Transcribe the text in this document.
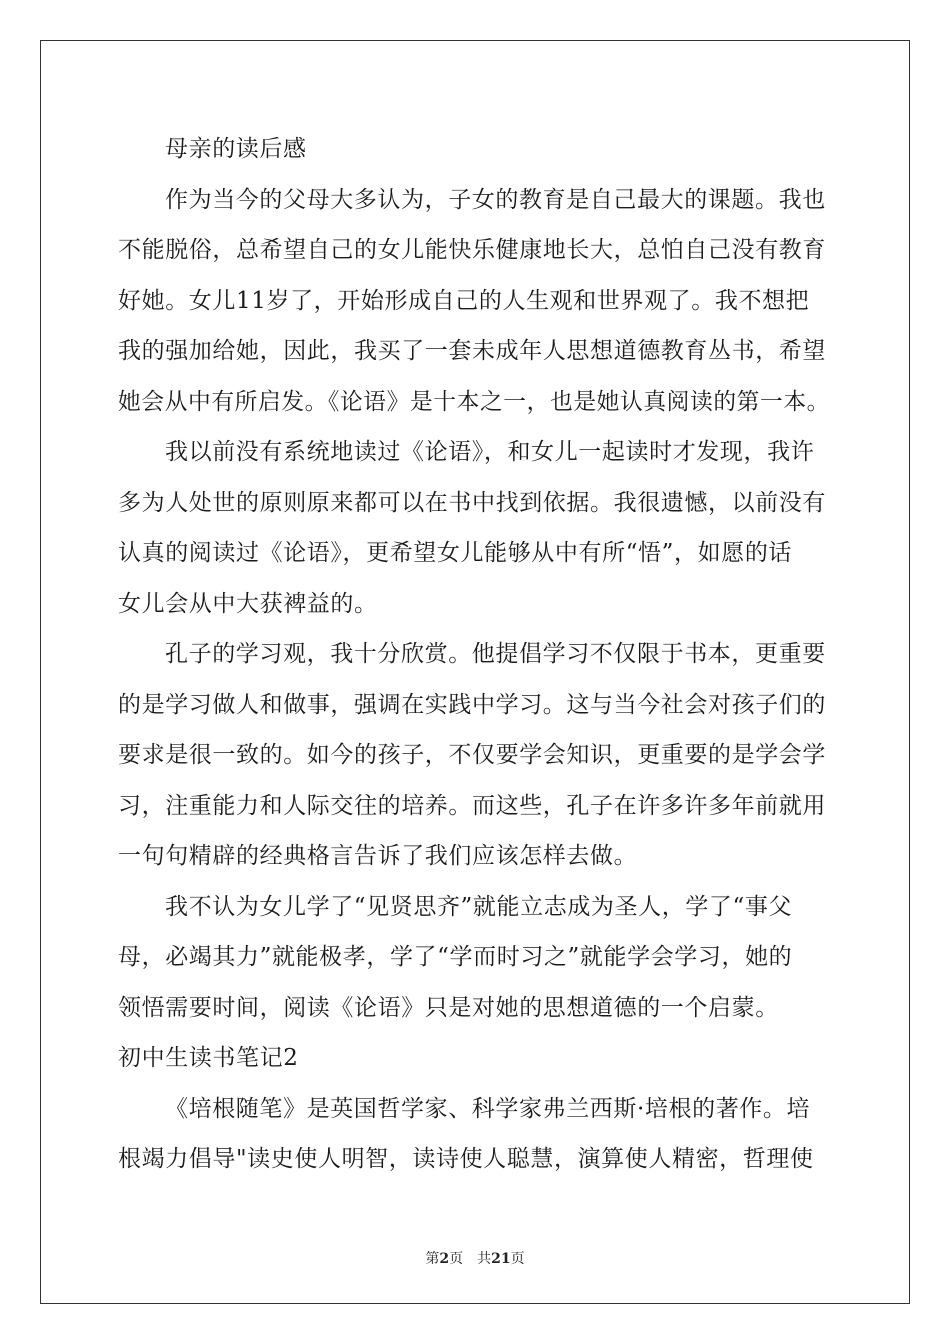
母亲的读后感
作为当今的父母大多认为，子女的教育是自己最大的课题。我也
不能脱俗，总希望自己的女儿能快乐健康地长大，总怕自己没有教育
好她。女儿11岁了，开始形成自己的人生观和世界观了。我不想把
我的强加给她，因此，我买了一套未成年人思想道德教育丛书，希望
她会从中有所启发。《论语》是十本之一，也是她认真阅读的第一本。
我以前没有系统地读过《论语》，和女儿一起读时才发现，我许
多为人处世的原则原来都可以在书中找到依据。我很遗憾，以前没有
认真的阅读过《论语》，更希望女儿能够从中有所“悟”，如愿的话
女儿会从中大获裨益的。
孔子的学习观，我十分欣赏。他提倡学习不仅限于书本，更重要
的是学习做人和做事，强调在实践中学习。这与当今社会对孩子们的
要求是很一致的。如今的孩子，不仅要学会知识，更重要的是学会学
习，注重能力和人际交往的培养。而这些，孔子在许多许多年前就用
一句句精辟的经典格言告诉了我们应该怎样去做。
我不认为女儿学了“见贤思齐”就能立志成为圣人，学了“事父
母，必竭其力”就能极孝，学了“学而时习之”就能学会学习，她的
领悟需要时间，阅读《论语》只是对她的思想道德的一个启蒙。
初中生读书笔记2
《培根随笔》是英国哲学家、科学家弗兰西斯·培根的著作。培
根竭力倡导"读史使人明智，读诗使人聪慧，演算使人精密，哲理使
第2页　共21页
